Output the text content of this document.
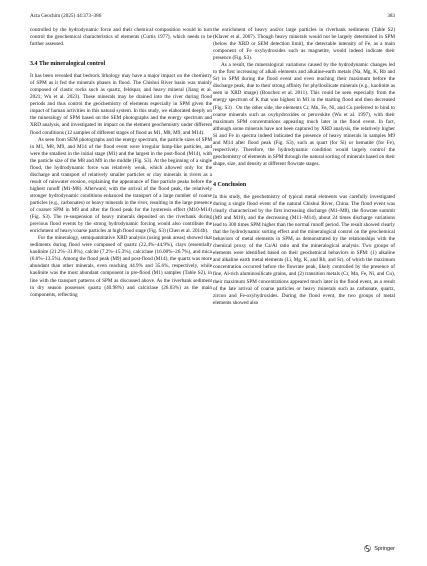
Acta Geochim (2025) 44:373–386	383

controlled by the hydrodynamic force and their chemical composition would in turn control the geochemical characteristics of elements (Curtis 1977), which needs to be further assessed.

3.4 The mineralogical control

It has been revealed that bedrock lithology may have a major impact on the chemistry of SPM as it fed the minerals phases in flood. The Chishui River basin was mainly composed of clastic rocks such as quartz, feldspar, and heavy mineral (Jiang et al. 2021; Wu et al. 2023). These minerals may be drained into the river during flood periods and thus control the geochemistry of elements especially in SPM given the impact of human activities in this natural system. In this study, we elaborated deeply on the mineralogy of SPM based on the SEM photographs and the energy spectrum and XRD analysis, and investigated its impact on the element geochemistry under different flood conditions (12 samples of different stages of flood as M1, M8, M9, and M14).

As seen from SEM photographs and the energy spectrum, the particle sizes of SPM in M1, M8, M9, and M14 of the flood event were irregular lump-like particles, and were the smallest in the initial stage (M1) and the largest in the post-flood (M14), with the particle size of the M8 and M9 in the middle (Fig. S3). At the beginning of a single flood, the hydrodynamic force was relatively weak, which allowed only for the discharge and transport of relatively smaller particles or clay minerals in rivers as a result of rainwater erosion, explaining the appearance of fine particle peaks before the highest runoff (M1-M8). Afterward, with the arrival of the flood peak, the relatively stronger hydrodynamic conditions enhanced the transport of a large number of coarse particles (e.g., carbonates) or heavy minerals in the river, resulting in the large presence of coarser SPM in M9 and after the flood peak for the hysteresis effect (M10-M14) (Fig. S3). The re-suspension of heavy minerals deposited on the riverbank during previous flood events by the strong hydrodynamic forcing would also contribute the enrichment of heavy/coarse particles at high flood stage (Fig. S3) (Chen et al. 2014b).

For the mineralogy, semiquantitative XRD analysis (using peak areas) showed that sediments during flood were composed of quartz (22.4%–44.9%), clays (essentially kaolinite (21.2%–31.8%), calcite (7.2%–15.3%), calciclase (16.00%–26.7%), and mica (6.6%–13.5%). Among the flood peak (M9) and post-flood (M14), the quartz was more abundant than other minerals, even reaching 44.9% and 35.6%, respectively, while kaolinite was the most abundant component in pre-flood (M1) samples (Table S2), in line with the transport patterns of SPM as discussed above. As the riverbank sediment in dry season possesses quartz (40.98%) and calciclase (26.03%) as the main components, reflecting

the enrichment of heavy and/or large particles in riverbank sediments (Table S2) (Klaver et al. 2007). Though heavy minerals would not be largely determined in SPM (below the XRD or SEM detection limit), the detectable intensity of Fe, as a main component of Fe oxyhydroxides such as magnetite, would indeed indicate their presence (Fig. S3).

As a result, the mineralogical variations caused by the hydrodynamic changes led to the first increasing of alkali elements and alkaline-earth metals (Na, Mg, K, Rb and Sr) in SPM during the flood event and even reaching their maximum before the discharge peak, due to their strong affinity for phyllosilicate minerals (e.g., kaolinite as seen in XRD image) (Bouchez et al. 2011). This could be seen especially from the energy spectrum of K that was highest in M1 in the starting flood and then decreased (Fig. S3) . On the other side, the elements Cr, Mn, Fe, Ni, and Cu preferred to bind to coarse minerals such as oxyhydroxides or perovskite (Wu et al. 1997), with their maximum SPM concentrations appearing much later in the flood event. In fact, although some minerals have not been captured by XRD analysis, the relatively higher Si and Fe in spectra indeed indicated the presence of heavy minerals in samples M9 and M14 after flood peak (Fig. S3), such as quart (for Si) or hematite (for Fe), respectively. Therefore, the hydrodynamic condition would largely control the geochemistry of elements in SPM through the natural sorting of minerals based on their shape, size, and density at different flowrate stages.

4 Conclusion

In this study, the geochemistry of typical metal elements was carefully investigated during a single flood event of the natural Chishui River, China. The flood event was clearly characterized by the first increasing discharge (M1–M8), the flowrate summit (M9 and M10), and the decreasing (M11–M14), about 24 times discharge variations lead to 300 times SPM higher than the normal runoff period. The result showed clearly that the hydrodynamic sorting effect and the mineralogical control on the geochemical behaviors of metal elements in SPM, as demonstrated by the relationships with the chemical proxy of the Ca/Al ratio and the mineralogical analysis. Two groups of elements were identified based on their geochemical behaviors in SPM: (1) alkaline and alkaline earth metal elements (Li, Mg, K, and Rb, and Sr), of which the maximum concentration occurred before the flowrate peak, likely controlled by the presence of fine, Al-rich aluminosilicate grains, and (2) transition metals (Cr, Mn, Fe, Ni, and Cu), their maximum SPM concentrations appeared much later in the flood event, as a result of the late arrival of coarse particles or heavy minerals such as carbonate, quartz, zircon and Fe-oxyhydroxides. During the flood event, the two groups of metal elements showed also

Springer
